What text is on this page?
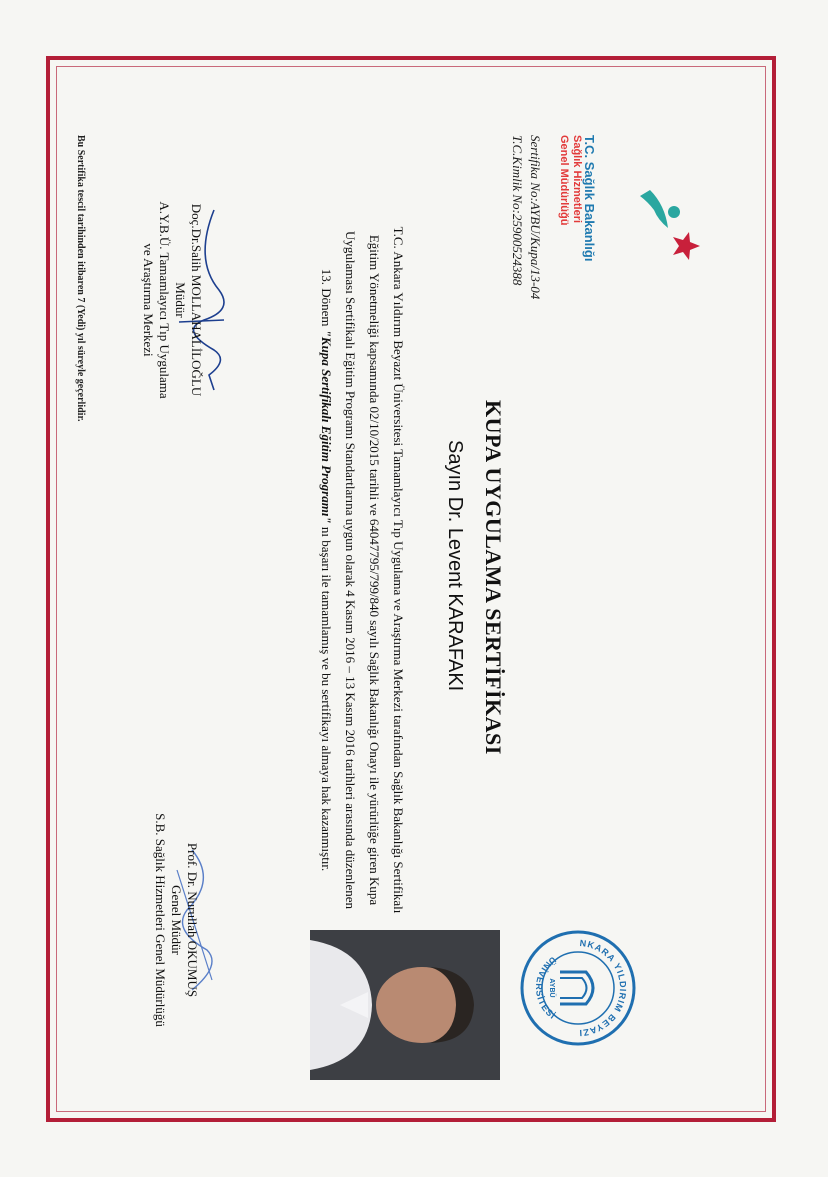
T.C. Sağlık Bakanlığı
Sağlık Hizmetleri
Genel Müdürlüğü
Sertifika No:AYBU/Kupa/13-04
T.C.Kimlik No:25900524388
KUPA UYGULAMA SERTİFİKASI
Sayın Dr. Levent KARAFAKI
T.C. Ankara Yıldırım Beyazıt Üniversitesi Tamamlayıcı Tıp Uygulama ve Araştırma Merkezi tarafından Sağlık Bakanlığı Sertifikalı
Eğitim Yönetmeliği kapsamında 02/10/2015 tarihli ve 64047795/799/840 sayılı Sağlık Bakanlığı Onayı ile yürürlüğe giren Kupa
Uygulaması Sertifikalı Eğitim Programı Standartlarına uygun olarak 4 Kasım 2016 – 13 Kasım 2016 tarihleri arasında düzenlenen
13. Dönem "Kupa Sertifikalı Eğitim Programı" nı başarı ile tamamlamış ve bu sertifikayı almaya hak kazanmıştır.
Doç.Dr.Salih MOLLAHALİLOĞLU
Müdür
A.Y.B.Ü. Tamamlayıcı Tıp Uygulama
ve Araştırma Merkezi
Prof. Dr. Nurullah OKUMUŞ
Genel Müdür
S.B. Sağlık Hizmetleri Genel Müdürlüğü
Bu Sertifika tescil tarihinden itibaren 7 (Yedi) yıl süreyle geçerlidir.
NKARA YILDIRIM BEYAZI
ÜNİVERSİTESİ
AYBÜ
